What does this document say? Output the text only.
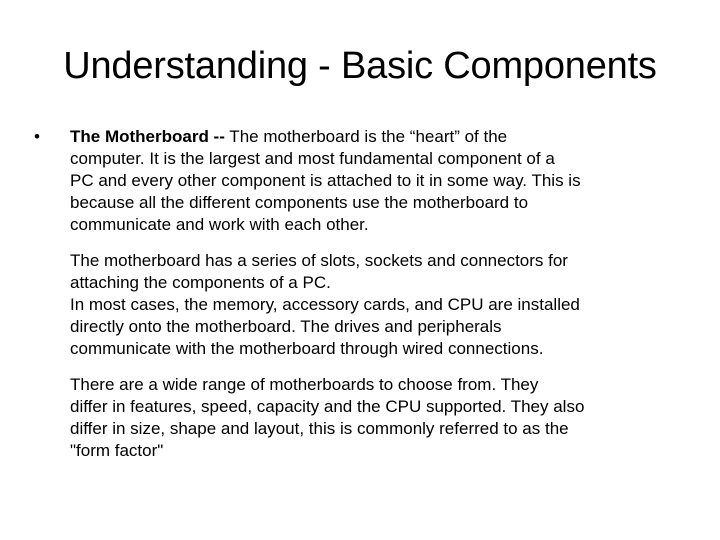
Understanding - Basic Components
•	The Motherboard -- The motherboard is the “heart” of the
computer. It is the largest and most fundamental component of a
PC and every other component is attached to it in some way. This is
because all the different components use the motherboard to
communicate and work with each other.
The motherboard has a series of slots, sockets and connectors for
attaching the components of a PC.
In most cases, the memory, accessory cards, and CPU are installed
directly onto the motherboard. The drives and peripherals
communicate with the motherboard through wired connections.
There are a wide range of motherboards to choose from. They
differ in features, speed, capacity and the CPU supported. They also
differ in size, shape and layout, this is commonly referred to as the
"form factor"
